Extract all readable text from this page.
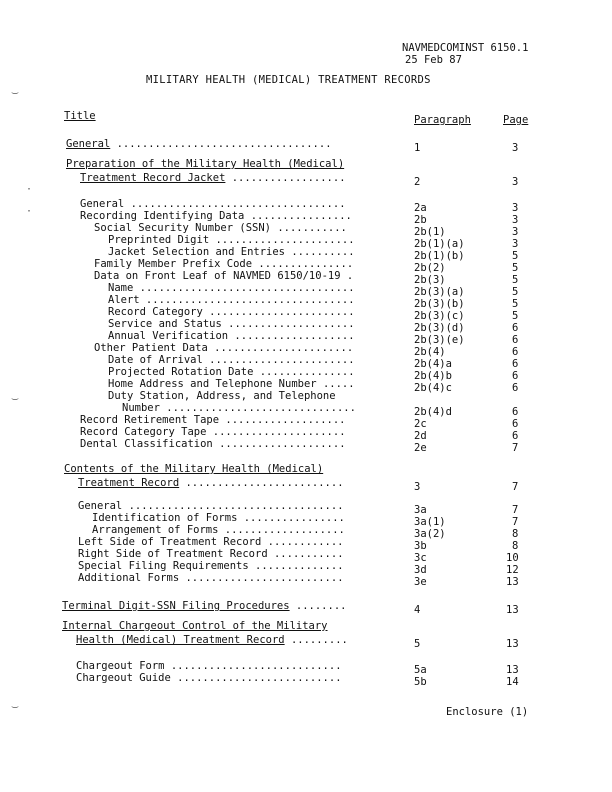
NAVMEDCOMINST 6150.1
25 Feb 87
MILITARY HEALTH (MEDICAL) TREATMENT RECORDS
Title	Paragraph	Page
General ..................................	1	3
Preparation of the Military Health (Medical)
Treatment Record Jacket ..................	2	3
General ..................................	2a	3
Recording Identifying Data ................	2b	3
Social Security Number (SSN) ...........	2b(1)	3
Preprinted Digit ......................	2b(1)(a)	3
Jacket Selection and Entries ..........	2b(1)(b)	5
Family Member Prefix Code ...............	2b(2)	5
Data on Front Leaf of NAVMED 6150/10-19 .	2b(3)	5
Name ..................................	2b(3)(a)	5
Alert .................................	2b(3)(b)	5
Record Category .......................	2b(3)(c)	5
Service and Status ....................	2b(3)(d)	6
Annual Verification ...................	2b(3)(e)	6
Other Patient Data ......................	2b(4)	6
Date of Arrival .......................	2b(4)a	6
Projected Rotation Date ...............	2b(4)b	6
Home Address and Telephone Number .....	2b(4)c	6
Duty Station, Address, and Telephone
Number ..............................	2b(4)d	6
Record Retirement Tape ...................	2c	6
Record Category Tape .....................	2d	6
Dental Classification ....................	2e	7
Contents of the Military Health (Medical)
Treatment Record .........................	3	7
General ..................................	3a	7
Identification of Forms ................	3a(1)	7
Arrangement of Forms ...................	3a(2)	8
Left Side of Treatment Record ............	3b	8
Right Side of Treatment Record ...........	3c	10
Special Filing Requirements ..............	3d	12
Additional Forms .........................	3e	13
Terminal Digit-SSN Filing Procedures ........	4	13
Internal Chargeout Control of the Military
Health (Medical) Treatment Record .........	5	13
Chargeout Form ...........................	5a	13
Chargeout Guide ..........................	5b	14
Enclosure (1)
‿
·
·
‿
‿
